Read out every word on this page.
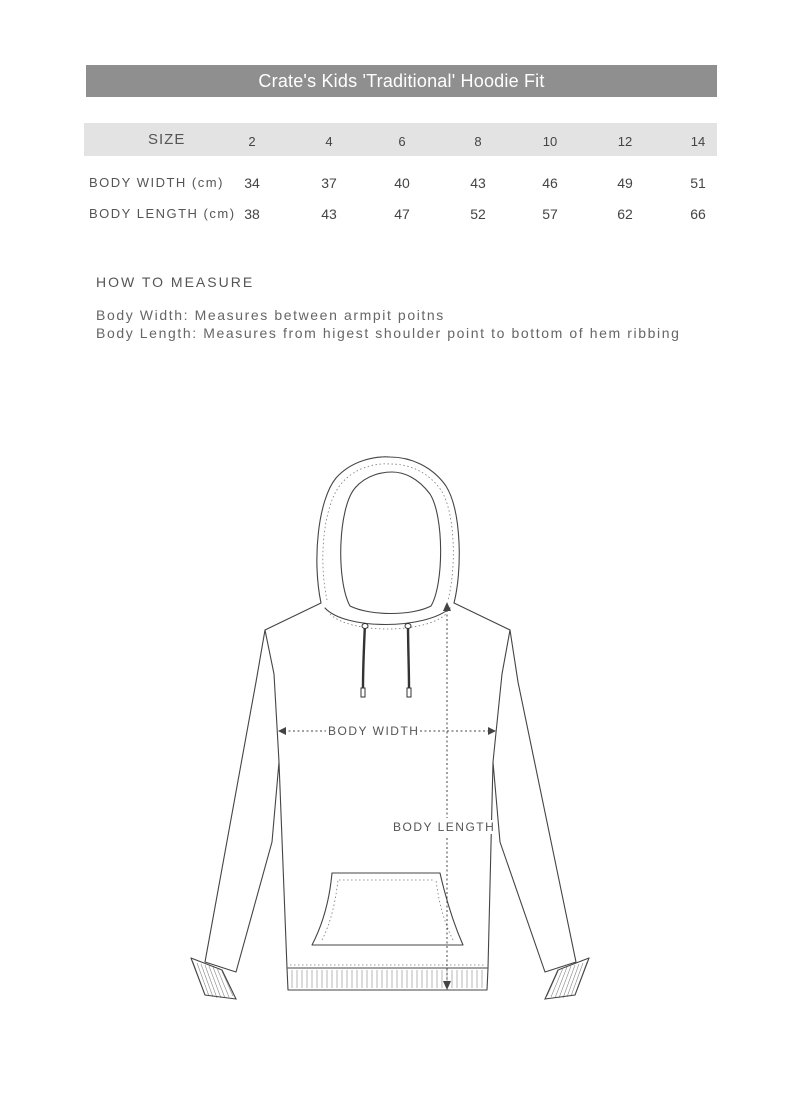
Crate's Kids 'Traditional' Hoodie Fit
SIZE	2	4	6	8	10	12	14
BODY WIDTH (cm) 34	37	40	43	46	49	51
BODY LENGTH (cm) 38	43	47	52	57	62	66
HOW TO MEASURE
Body Width: Measures between armpit poitns
Body Length: Measures from higest shoulder point to bottom of hem ribbing
BODY WIDTH
BODY LENGTH
